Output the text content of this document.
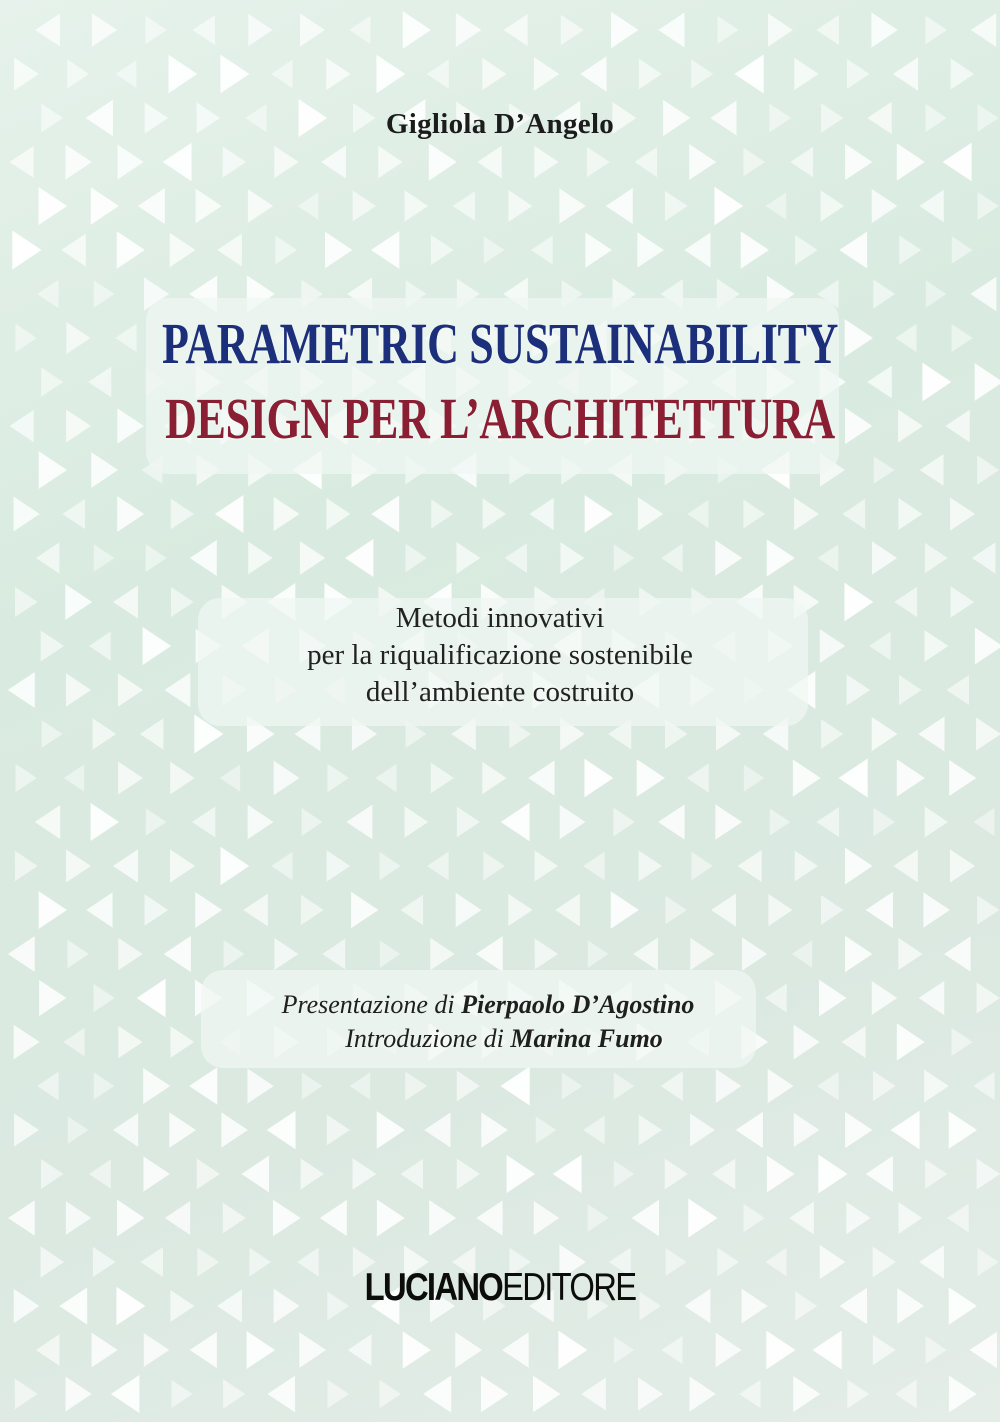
Gigliola D’Angelo
PARAMETRIC SUSTAINABILITY
DESIGN PER L’ARCHITETTURA
Metodi innovativi
per la riqualificazione sostenibile
dell’ambiente costruito
Presentazione di Pierpaolo D’Agostino
Introduzione di Marina Fumo
LUCIANOEDITORE
